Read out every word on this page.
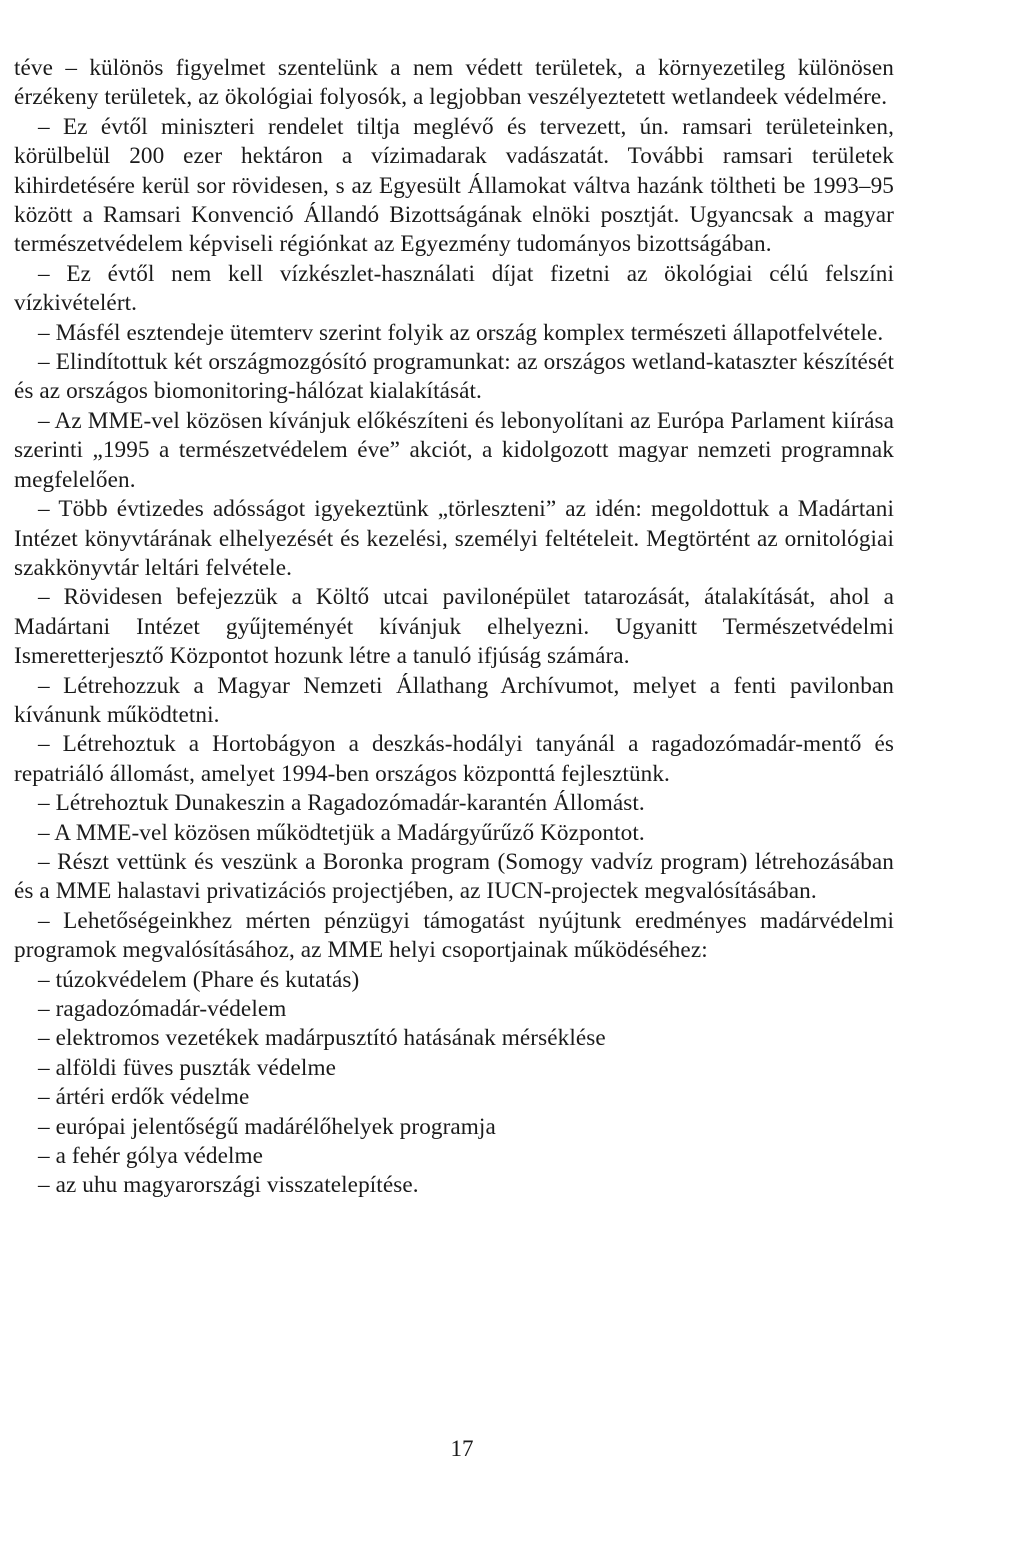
téve – különös figyelmet szentelünk a nem védett területek, a környezetileg különösen érzékeny területek, az ökológiai folyosók, a legjobban veszélyeztetett wetlandeek védelmére.

– Ez évtől miniszteri rendelet tiltja meglévő és tervezett, ún. ramsari területeinken, körülbelül 200 ezer hektáron a vízimadarak vadászatát. További ramsari területek kihirdetésére kerül sor rövidesen, s az Egyesült Államokat váltva hazánk töltheti be 1993–95 között a Ramsari Konvenció Állandó Bizottságának elnöki posztját. Ugyancsak a magyar természetvédelem képviseli régiónkat az Egyezmény tudományos bizottságában.

– Ez évtől nem kell vízkészlet-használati díjat fizetni az ökológiai célú felszíni vízkivételért.

– Másfél esztendeje ütemterv szerint folyik az ország komplex természeti állapotfelvétele.

– Elindítottuk két országmozgósító programunkat: az országos wetland-kataszter készítését és az országos biomonitoring-hálózat kialakítását.

– Az MME-vel közösen kívánjuk előkészíteni és lebonyolítani az Európa Parlament kiírása szerinti „1995 a természetvédelem éve” akciót, a kidolgozott magyar nemzeti programnak megfelelően.

– Több évtizedes adósságot igyekeztünk „törleszteni” az idén: megoldottuk a Madártani Intézet könyvtárának elhelyezését és kezelési, személyi feltételeit. Megtörtént az ornitológiai szakkönyvtár leltári felvétele.

– Rövidesen befejezzük a Költő utcai pavilonépület tatarozását, átalakítását, ahol a Madártani Intézet gyűjteményét kívánjuk elhelyezni. Ugyanitt Természetvédelmi Ismeretterjesztő Központot hozunk létre a tanuló ifjúság számára.

– Létrehozzuk a Magyar Nemzeti Állathang Archívumot, melyet a fenti pavilonban kívánunk működtetni.

– Létrehoztuk a Hortobágyon a deszkás-hodályi tanyánál a ragadozómadár-mentő és repatriáló állomást, amelyet 1994-ben országos központtá fejlesztünk.

– Létrehoztuk Dunakeszin a Ragadozómadár-karantén Állomást.

– A MME-vel közösen működtetjük a Madárgyűrűző Központot.

– Részt vettünk és veszünk a Boronka program (Somogy vadvíz program) létrehozásában és a MME halastavi privatizációs projectjében, az IUCN-projectek megvalósításában.

– Lehetőségeinkhez mérten pénzügyi támogatást nyújtunk eredményes madárvédelmi programok megvalósításához, az MME helyi csoportjainak működéséhez:

– túzokvédelem (Phare és kutatás)

– ragadozómadár-védelem

– elektromos vezetékek madárpusztító hatásának mérséklése

– alföldi füves puszták védelme

– ártéri erdők védelme

– európai jelentőségű madárélőhelyek programja

– a fehér gólya védelme

– az uhu magyarországi visszatelepítése.

17
